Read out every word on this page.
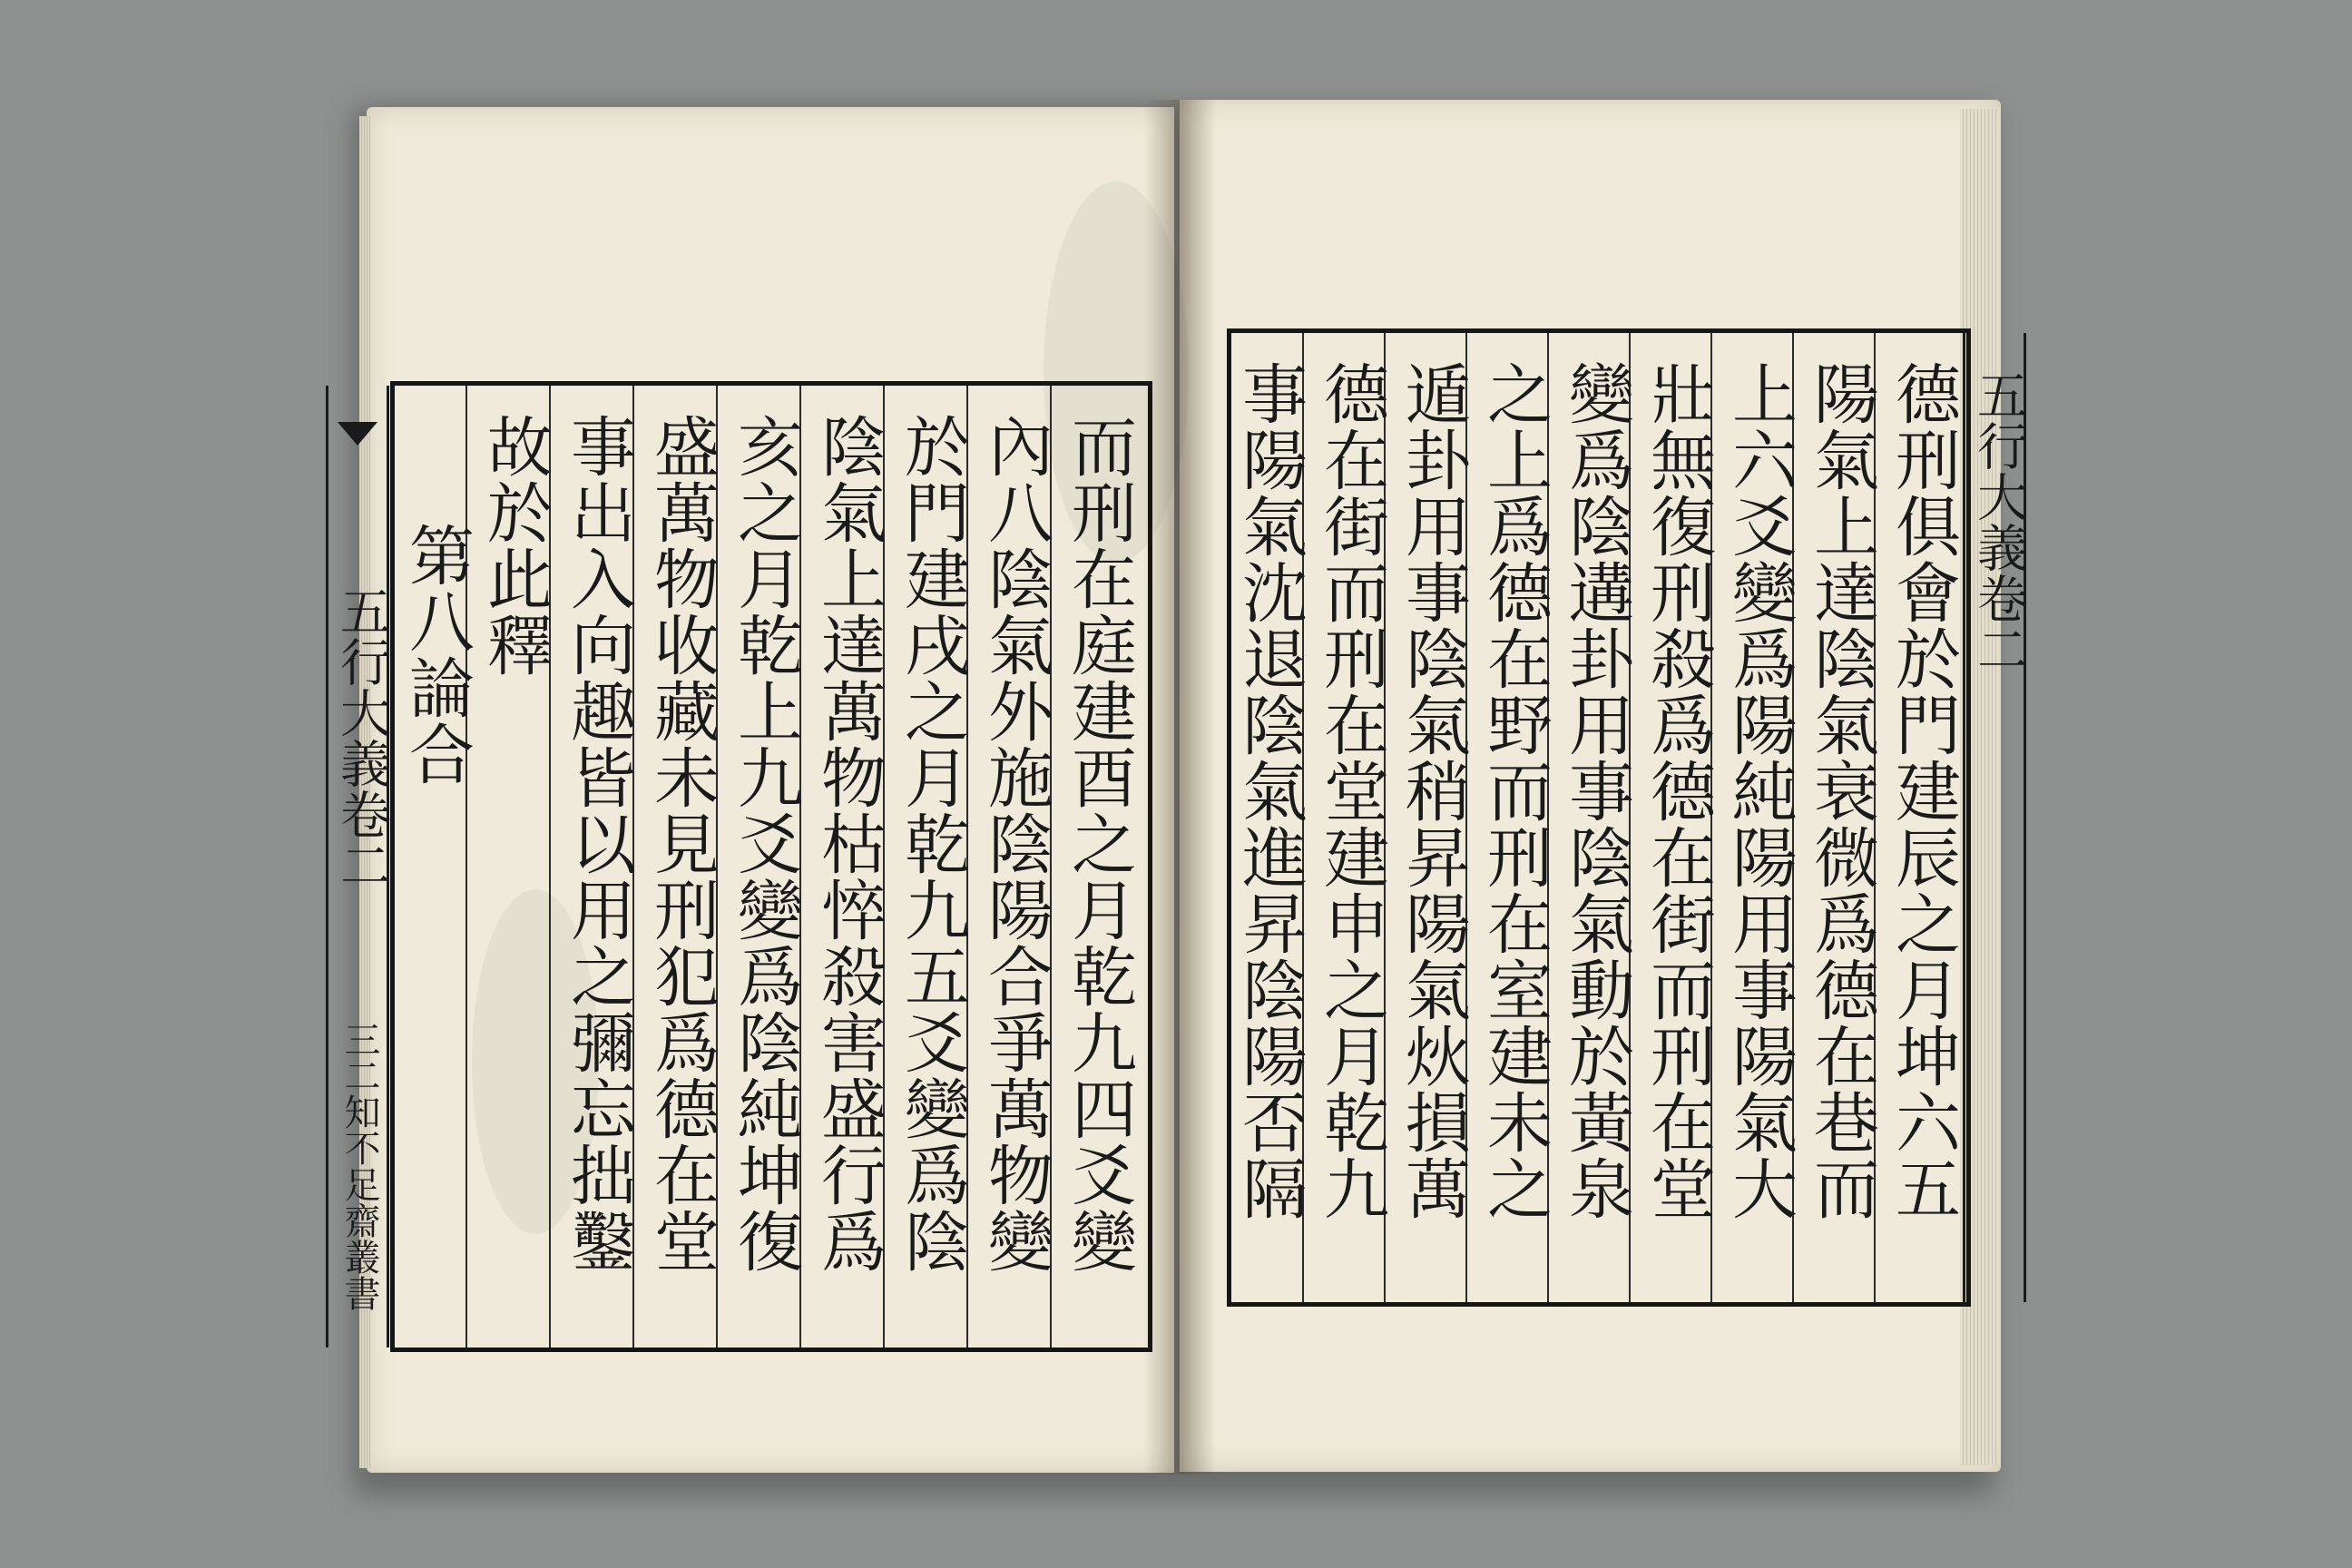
而刑在庭建酉之月乾九四爻變
內八陰氣外施陰陽合爭萬物變
於門建戌之月乾九五爻變爲陰
陰氣上達萬物枯悴殺害盛行爲
亥之月乾上九爻變爲陰純坤復
盛萬物收藏未見刑犯爲德在堂
事出入向趣皆以用之彌忘拙鑿
故於此釋
第八論合
五行大義卷二
三二知不足齋叢書
德刑俱會於門建辰之月坤六五
陽氣上達陰氣衰微爲德在巷而
上六爻變爲陽純陽用事陽氣大
壯無復刑殺爲德在街而刑在堂
變爲陰遘卦用事陰氣動於黃泉
之上爲德在野而刑在室建未之
遁卦用事陰氣稍昇陽氣炏損萬
德在街而刑在堂建申之月乾九
事陽氣沈退陰氣進昇陰陽否隔
五行大義卷二
